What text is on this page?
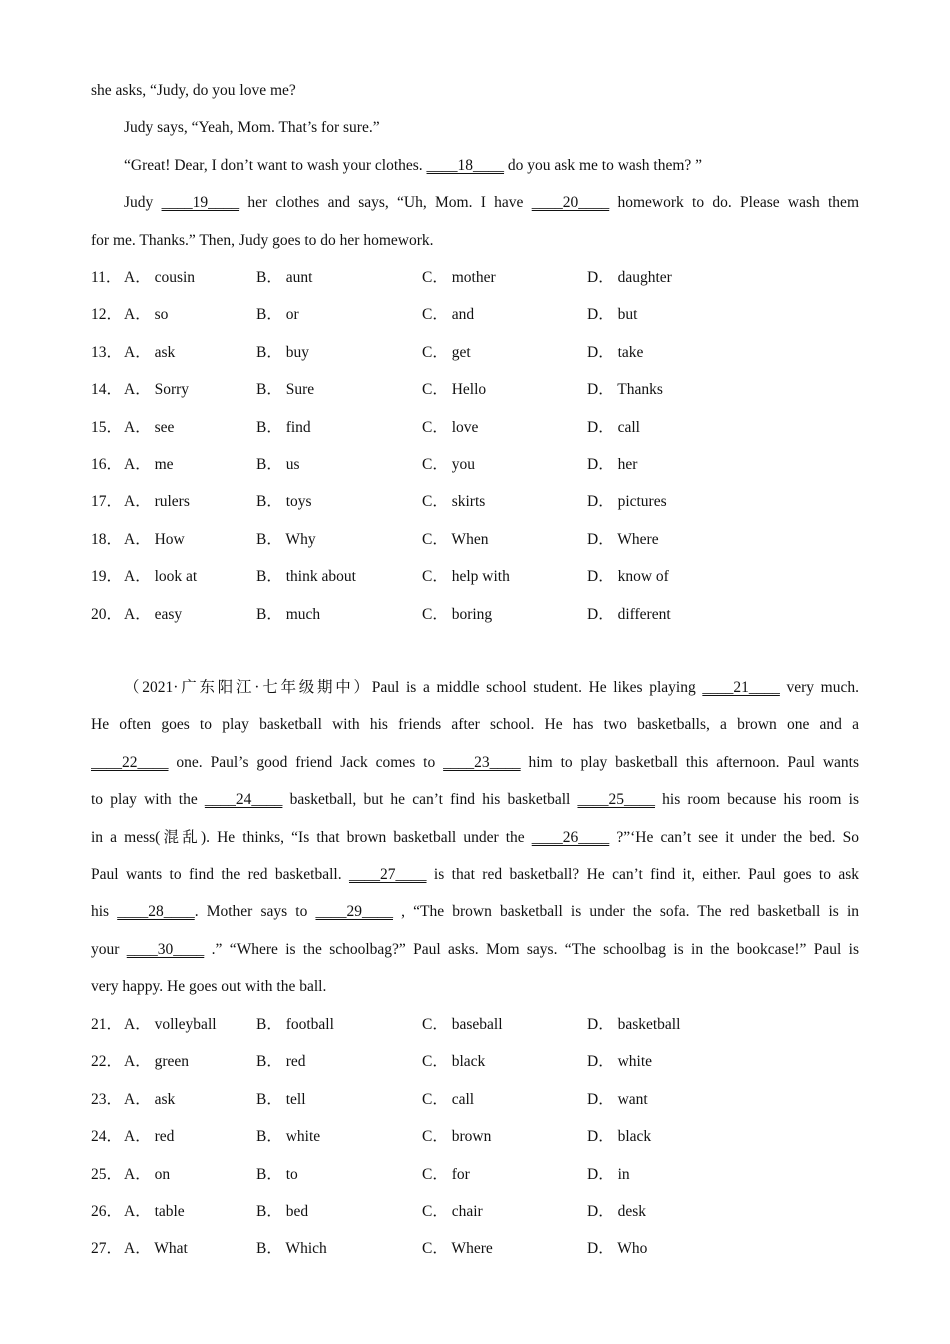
she asks, “Judy, do you love me?
Judy says, “Yeah, Mom. That’s for sure.”
“Great! Dear, I don’t want to wash your clothes. ____18____ do you ask me to wash them? ”
Judy ____19____ her clothes and says, “Uh, Mom. I have ____20____ homework to do. Please wash them
for me. Thanks.” Then, Judy goes to do her homework.
11． A． cousin	B． aunt	C． mother	D． daughter
12． A． so	B． or	C． and	D． but
13． A． ask	B． buy	C． get	D． take
14． A． Sorry	B． Sure	C． Hello	D． Thanks
15． A． see	B． find	C． love	D． call
16． A． me	B． us	C． you	D． her
17． A． rulers	B． toys	C． skirts	D． pictures
18． A． How	B． Why	C． When	D． Where
19． A． look at	B． think about	C． help with	D． know of
20． A． easy	B． much	C． boring	D． different
（2021·广东阳江·七年级期中）Paul is a middle school student. He likes playing ____21____ very much.
He often goes to play basketball with his friends after school. He has two basketballs, a brown one and a
____22____ one. Paul’s good friend Jack comes to ____23____ him to play basketball this afternoon. Paul wants
to play with the ____24____ basketball, but he can’t find his basketball ____25____ his room because his room is
in a mess(混乱). He thinks, “Is that brown basketball under the ____26____ ?”‘He can’t see it under the bed. So
Paul wants to find the red basketball. ____27____ is that red basketball? He can’t find it, either. Paul goes to ask
his ____28____. Mother says to ____29____ , “The brown basketball is under the sofa. The red basketball is in
your ____30____ .” “Where is the schoolbag?” Paul asks. Mom says. “The schoolbag is in the bookcase!” Paul is
very happy. He goes out with the ball.
21． A． volleyball	B． football	C． baseball	D． basketball
22． A． green	B． red	C． black	D． white
23． A． ask	B． tell	C． call	D． want
24． A． red	B． white	C． brown	D． black
25． A． on	B． to	C． for	D． in
26． A． table	B． bed	C． chair	D． desk
27． A． What	B． Which	C． Where	D． Who
